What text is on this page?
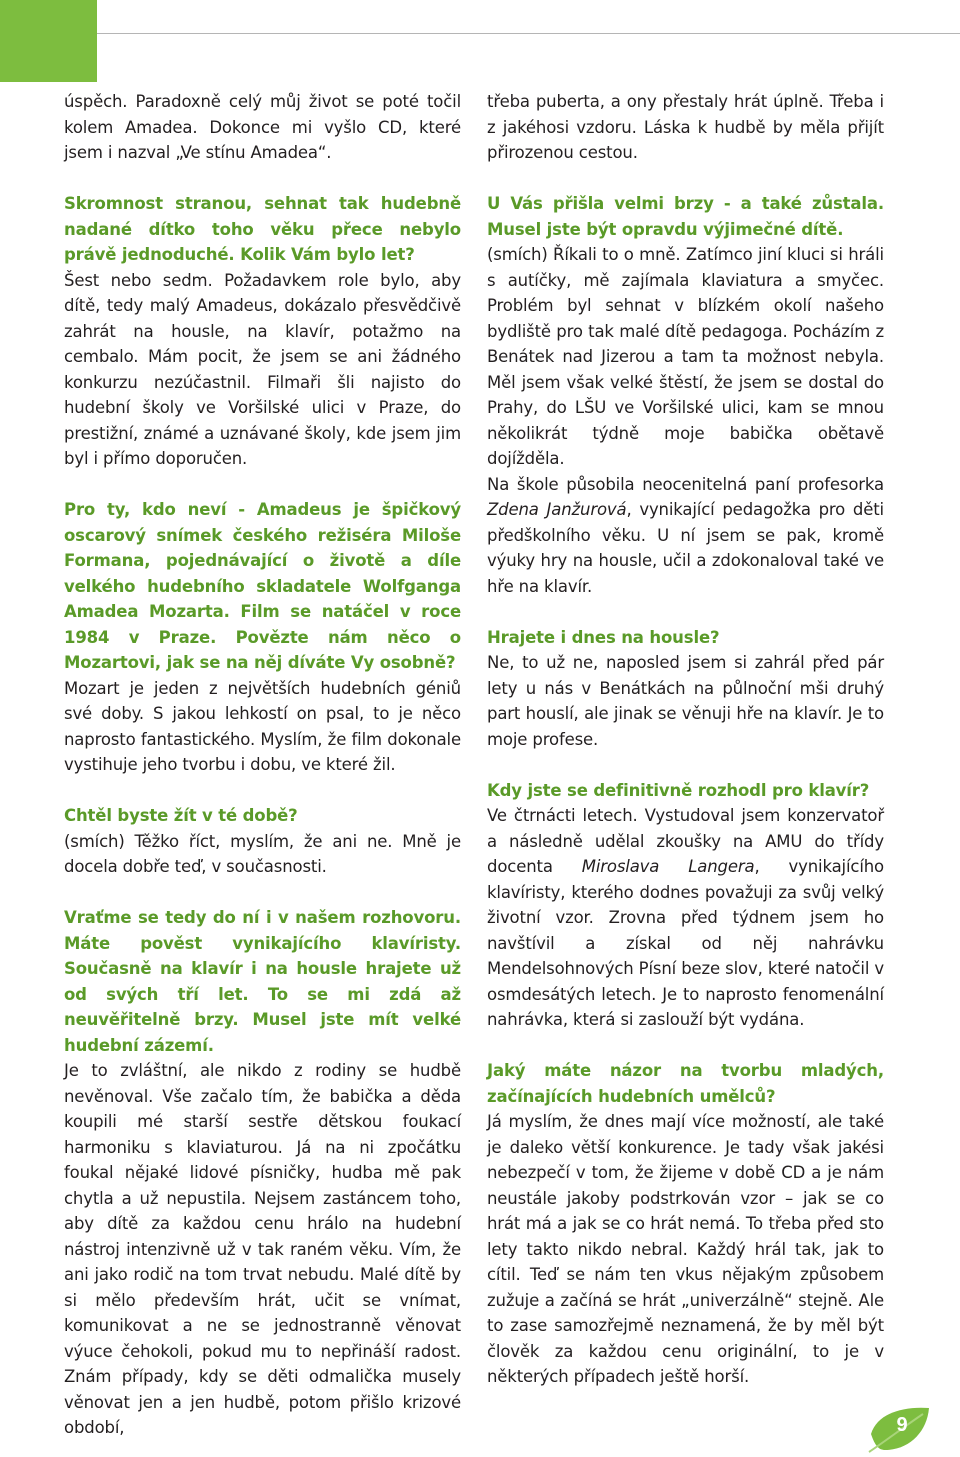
úspěch. Paradoxně celý můj život se poté točil kolem Amadea. Dokonce mi vyšlo CD, které jsem i nazval „Ve stínu Amadea“.

Skromnost stranou, sehnat tak hudebně nadané dítko toho věku přece nebylo právě jednoduché. Kolik Vám bylo let?

Šest nebo sedm. Požadavkem role bylo, aby dítě, tedy malý Amadeus, dokázalo přesvědčivě zahrát na housle, na klavír, potažmo na cembalo. Mám pocit, že jsem se ani žádného konkurzu nezúčastnil. Filmaři šli najisto do hudební školy ve Voršilské ulici v Praze, do prestižní, známé a uznávané školy, kde jsem jim byl i přímo doporučen.

Pro ty, kdo neví - Amadeus je špičkový oscarový snímek českého režiséra Miloše Formana, pojednávající o životě a díle velkého hudebního skladatele Wolfganga Amadea Mozarta. Film se natáčel v roce 1984 v Praze. Povězte nám něco o Mozartovi, jak se na něj díváte Vy osobně?

Mozart je jeden z největších hudebních géniů své doby. S jakou lehkostí on psal, to je něco naprosto fantastického. Myslím, že film dokonale vystihuje jeho tvorbu i dobu, ve které žil.

Chtěl byste žít v té době?

(smích) Těžko říct, myslím, že ani ne. Mně je docela dobře teď, v současnosti.

Vraťme se tedy do ní i v našem rozhovoru. Máte pověst vynikajícího klavíristy. Současně na klavír i na housle hrajete už od svých tří let. To se mi zdá až neuvěřitelně brzy. Musel jste mít velké hudební zázemí.

Je to zvláštní, ale nikdo z rodiny se hudbě nevěnoval. Vše začalo tím, že babička a děda koupili mé starší sestře dětskou foukací harmoniku s klaviaturou. Já na ni zpočátku foukal nějaké lidové písničky, hudba mě pak chytla a už nepustila. Nejsem zastáncem toho, aby dítě za každou cenu hrálo na hudební nástroj intenzivně už v tak raném věku. Vím, že ani jako rodič na tom trvat nebudu. Malé dítě by si mělo především hrát, učit se vnímat, komunikovat a ne se jednostranně věnovat výuce čehokoli, pokud mu to nepřináší radost. Znám případy, kdy se děti odmalička musely věnovat jen a jen hudbě, potom přišlo krizové období,

třeba puberta, a ony přestaly hrát úplně. Třeba i z jakéhosi vzdoru. Láska k hudbě by měla přijít přirozenou cestou.

U Vás přišla velmi brzy - a také zůstala. Musel jste být opravdu výjimečné dítě.

(smích) Říkali to o mně. Zatímco jiní kluci si hráli s autíčky, mě zajímala klaviatura a smyčec. Problém byl sehnat v blízkém okolí našeho bydliště pro tak malé dítě pedagoga. Pocházím z Benátek nad Jizerou a tam ta možnost nebyla. Měl jsem však velké štěstí, že jsem se dostal do Prahy, do LŠU ve Voršilské ulici, kam se mnou několikrát týdně moje babička obětavě dojížděla.

Na škole působila neocenitelná paní profesorka Zdena Janžurová, vynikající pedagožka pro děti předškolního věku. U ní jsem se pak, kromě výuky hry na housle, učil a zdokonaloval také ve hře na klavír.

Hrajete i dnes na housle?

Ne, to už ne, naposled jsem si zahrál před pár lety u nás v Benátkách na půlnoční mši druhý part houslí, ale jinak se věnuji hře na klavír. Je to moje profese.

Kdy jste se definitivně rozhodl pro klavír?

Ve čtrnácti letech. Vystudoval jsem konzervatoř a následně udělal zkoušky na AMU do třídy docenta Miroslava Langera, vynikajícího klavíristy, kterého dodnes považuji za svůj velký životní vzor. Zrovna před týdnem jsem ho navštívil a získal od něj nahrávku Mendelsohnových Písní beze slov, které natočil v osmdesátých letech. Je to naprosto fenomenální nahrávka, která si zaslouží být vydána.

Jaký máte názor na tvorbu mladých, začínajících hudebních umělců?

Já myslím, že dnes mají více možností, ale také je daleko větší konkurence. Je tady však jakési nebezpečí v tom, že žijeme v době CD a je nám neustále jakoby podstrkován vzor – jak se co hrát má a jak se co hrát nemá. To třeba před sto lety takto nikdo nebral. Každý hrál tak, jak to cítil. Teď se nám ten vkus nějakým způsobem zužuje a začíná se hrát „univerzálně“ stejně. Ale to zase samozřejmě neznamená, že by měl být člověk za každou cenu originální, to je v některých případech ještě horší.

9
